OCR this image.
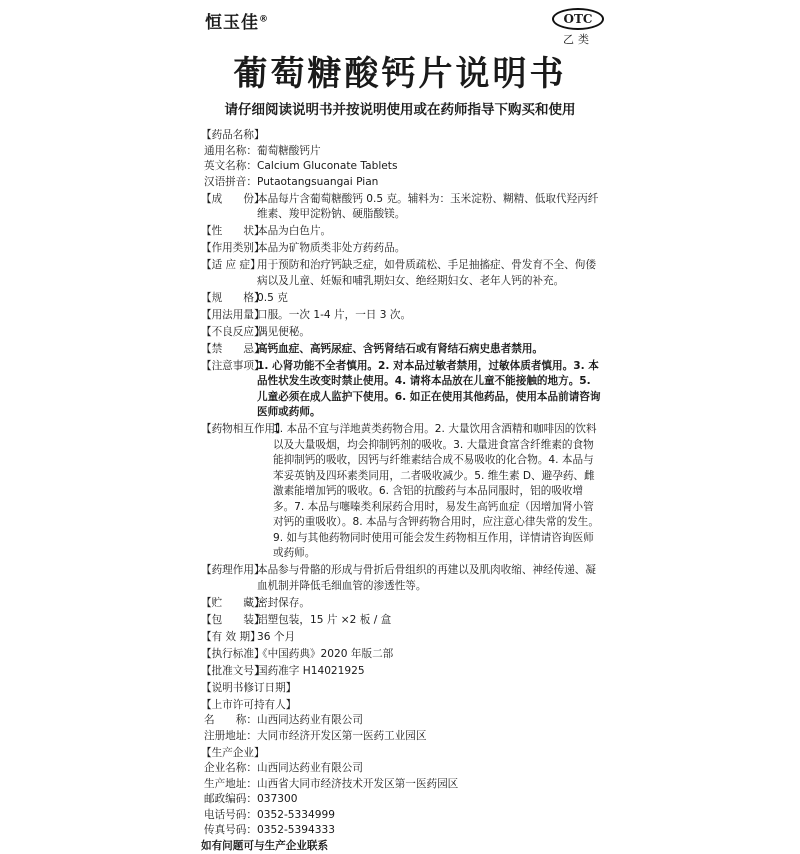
恒玉佳®	OTC
乙类
葡萄糖酸钙片说明书
请仔细阅读说明书并按说明使用或在药师指导下购买和使用
【药品名称】
通用名称： 葡萄糖酸钙片
英文名称： Calcium Gluconate Tablets
汉语拼音： Putaotangsuangai Pian
【成　　份】
本品每片含葡萄糖酸钙 0.5 克。辅料为：玉米淀粉、糊精、低取代羟丙纤维素、羧甲淀粉钠、硬脂酸镁。
【性　　状】
本品为白色片。
【作用类别】
本品为矿物质类非处方药药品。
【适 应 症】
用于预防和治疗钙缺乏症，如骨质疏松、手足抽搐症、骨发育不全、佝偻病以及儿童、妊娠和哺乳期妇女、绝经期妇女、老年人钙的补充。
【规　　格】
0.5 克
【用法用量】
口服。一次 1-4 片，一日 3 次。
【不良反应】
偶见便秘。
【禁　　忌】
高钙血症、高钙尿症、含钙肾结石或有肾结石病史患者禁用。
【注意事项】
1. 心肾功能不全者慎用。2. 对本品过敏者禁用，过敏体质者慎用。3. 本品性状发生改变时禁止使用。4. 请将本品放在儿童不能接触的地方。5. 儿童必须在成人监护下使用。6. 如正在使用其他药品，使用本品前请咨询医师或药师。
【药物相互作用】
1. 本品不宜与洋地黄类药物合用。2. 大量饮用含酒精和咖啡因的饮料以及大量吸烟，均会抑制钙剂的吸收。3. 大量进食富含纤维素的食物能抑制钙的吸收，因钙与纤维素结合成不易吸收的化合物。4. 本品与苯妥英钠及四环素类同用，二者吸收减少。5. 维生素 D、避孕药、雌激素能增加钙的吸收。6. 含铝的抗酸药与本品同服时，铝的吸收增多。7. 本品与噻嗪类利尿药合用时，易发生高钙血症（因增加肾小管对钙的重吸收）。8. 本品与含钾药物合用时，应注意心律失常的发生。9. 如与其他药物同时使用可能会发生药物相互作用，详情请咨询医师或药师。
【药理作用】
本品参与骨骼的形成与骨折后骨组织的再建以及肌肉收缩、神经传递、凝血机制并降低毛细血管的渗透性等。
【贮　　藏】
密封保存。
【包　　装】
铝塑包装，15 片 ×2 板 / 盒
【有 效 期】
36 个月
【执行标准】
《中国药典》2020 年版二部
【批准文号】
国药准字 H14021925
【说明书修订日期】
【上市许可持有人】
名　　称： 山西同达药业有限公司
注册地址： 大同市经济开发区第一医药工业园区
【生产企业】
企业名称： 山西同达药业有限公司
生产地址： 山西省大同市经济技术开发区第一医药园区
邮政编码： 037300
电话号码： 0352-5334999
传真号码： 0352-5394333
如有问题可与生产企业联系
